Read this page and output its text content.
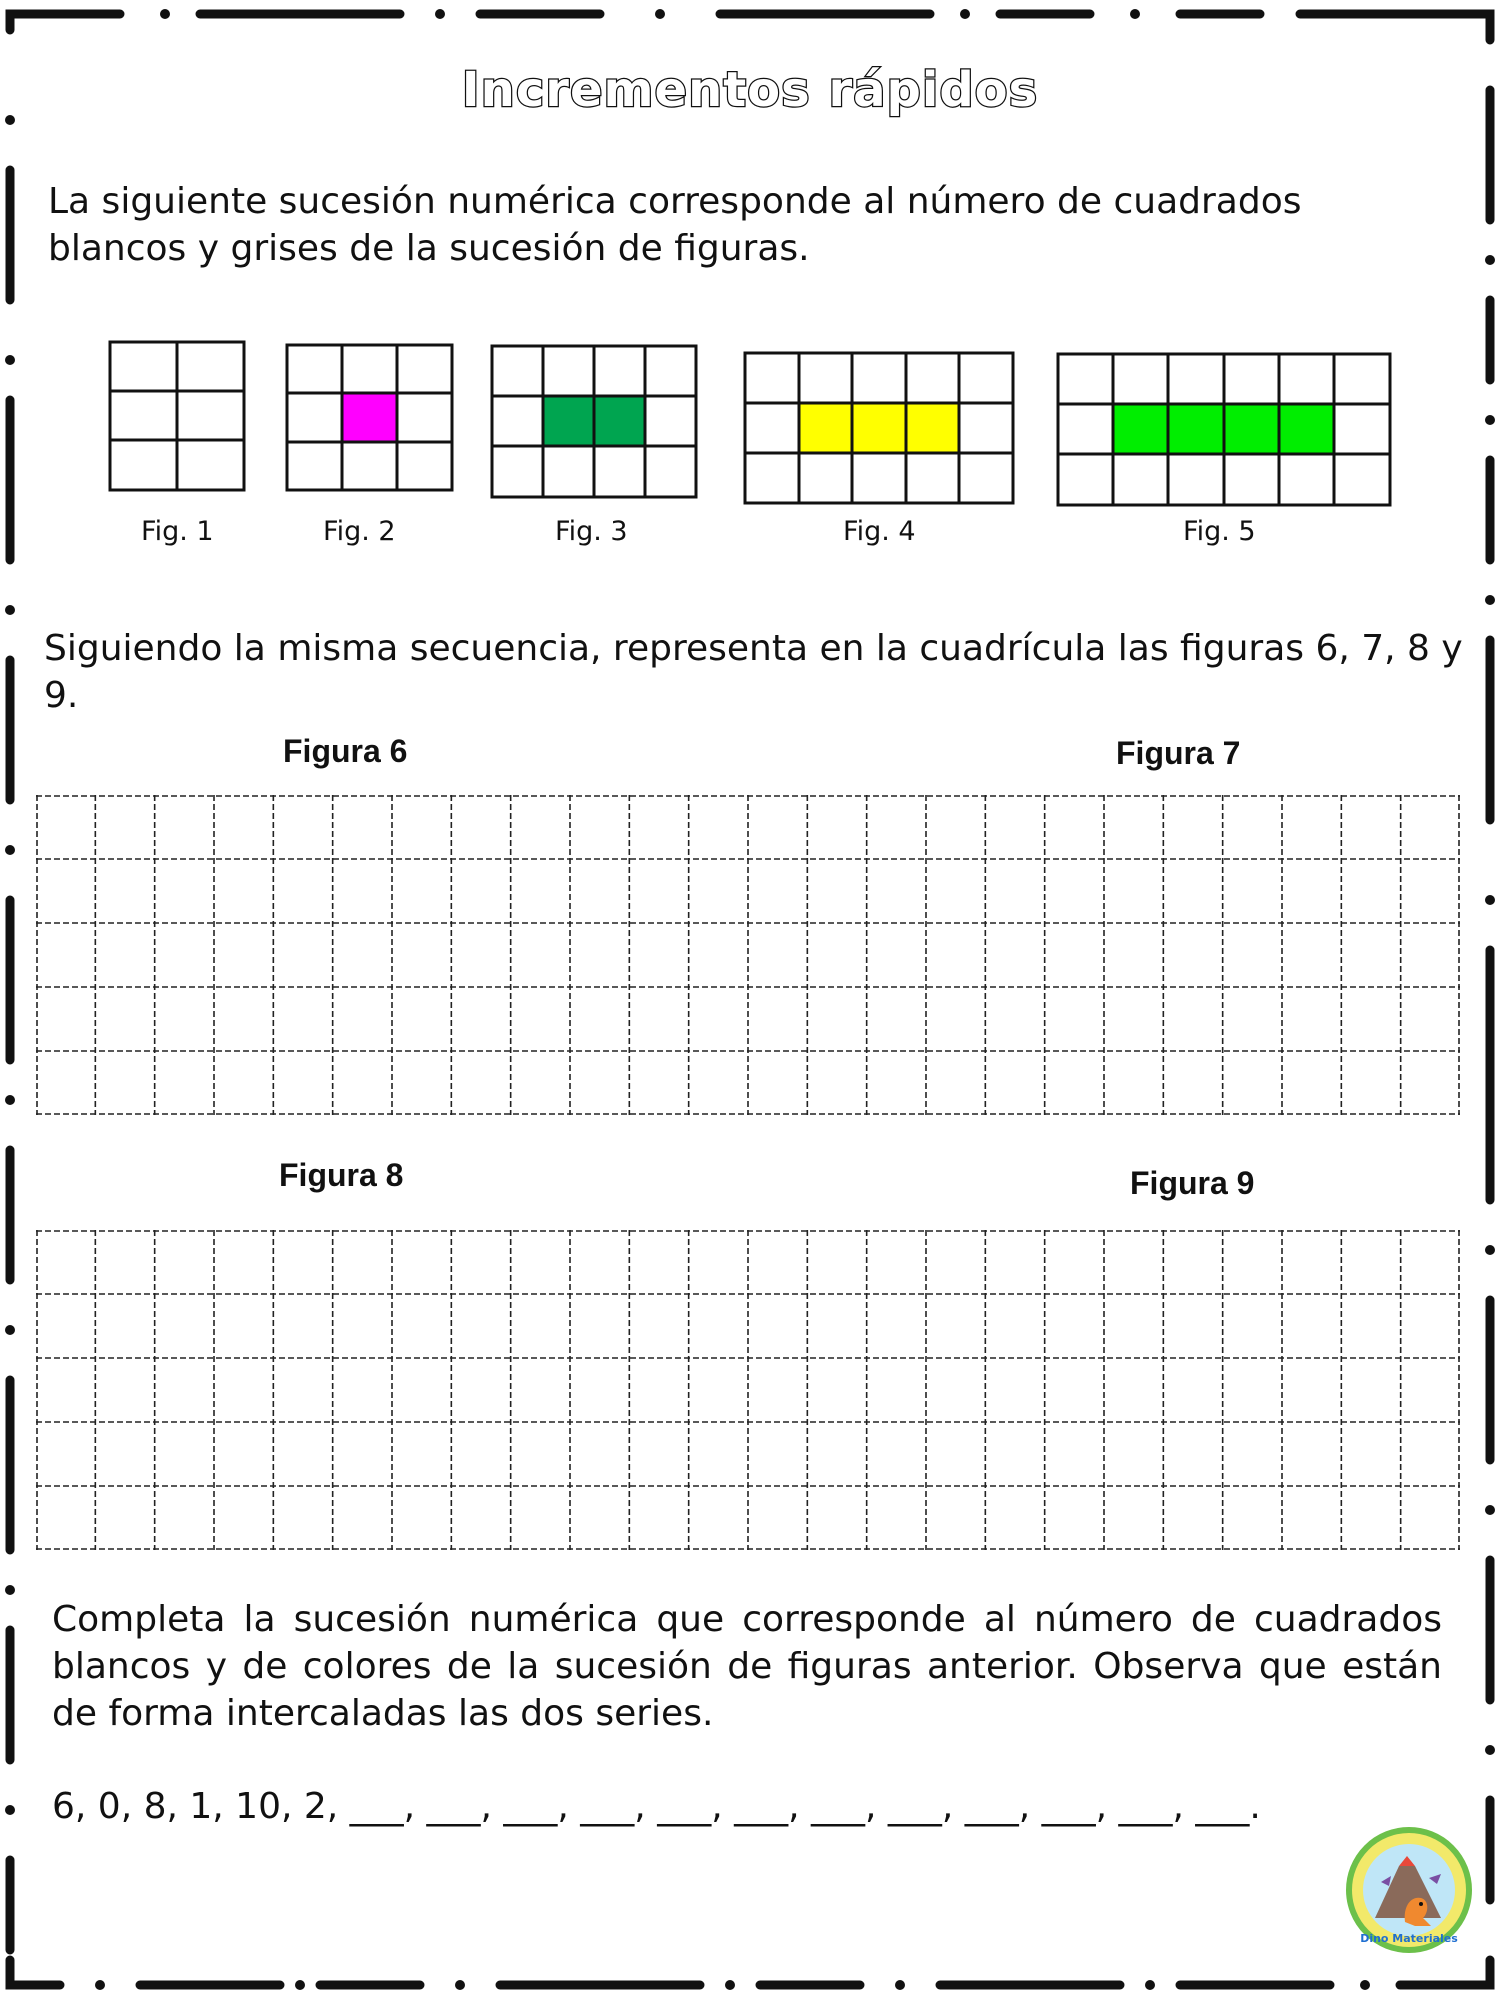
Incrementos rápidos
La siguiente sucesión numérica corresponde al número de cuadrados blancos y grises de la sucesión de figuras.
Fig. 1	Fig. 2	Fig. 3	Fig. 4	Fig. 5
Siguiendo la misma secuencia, representa en la cuadrícula las figuras 6, 7, 8 y 9.
Figura 6	Figura 7
Figura 8	Figura 9
Completa la sucesión numérica que corresponde al número de cuadrados blancos y de colores de la sucesión de figuras anterior. Observa que están de forma intercaladas las dos series.
6, 0, 8, 1, 10, 2, ___, ___, ___, ___, ___, ___, ___, ___, ___, ___, ___, ___.
Dino Materiales
